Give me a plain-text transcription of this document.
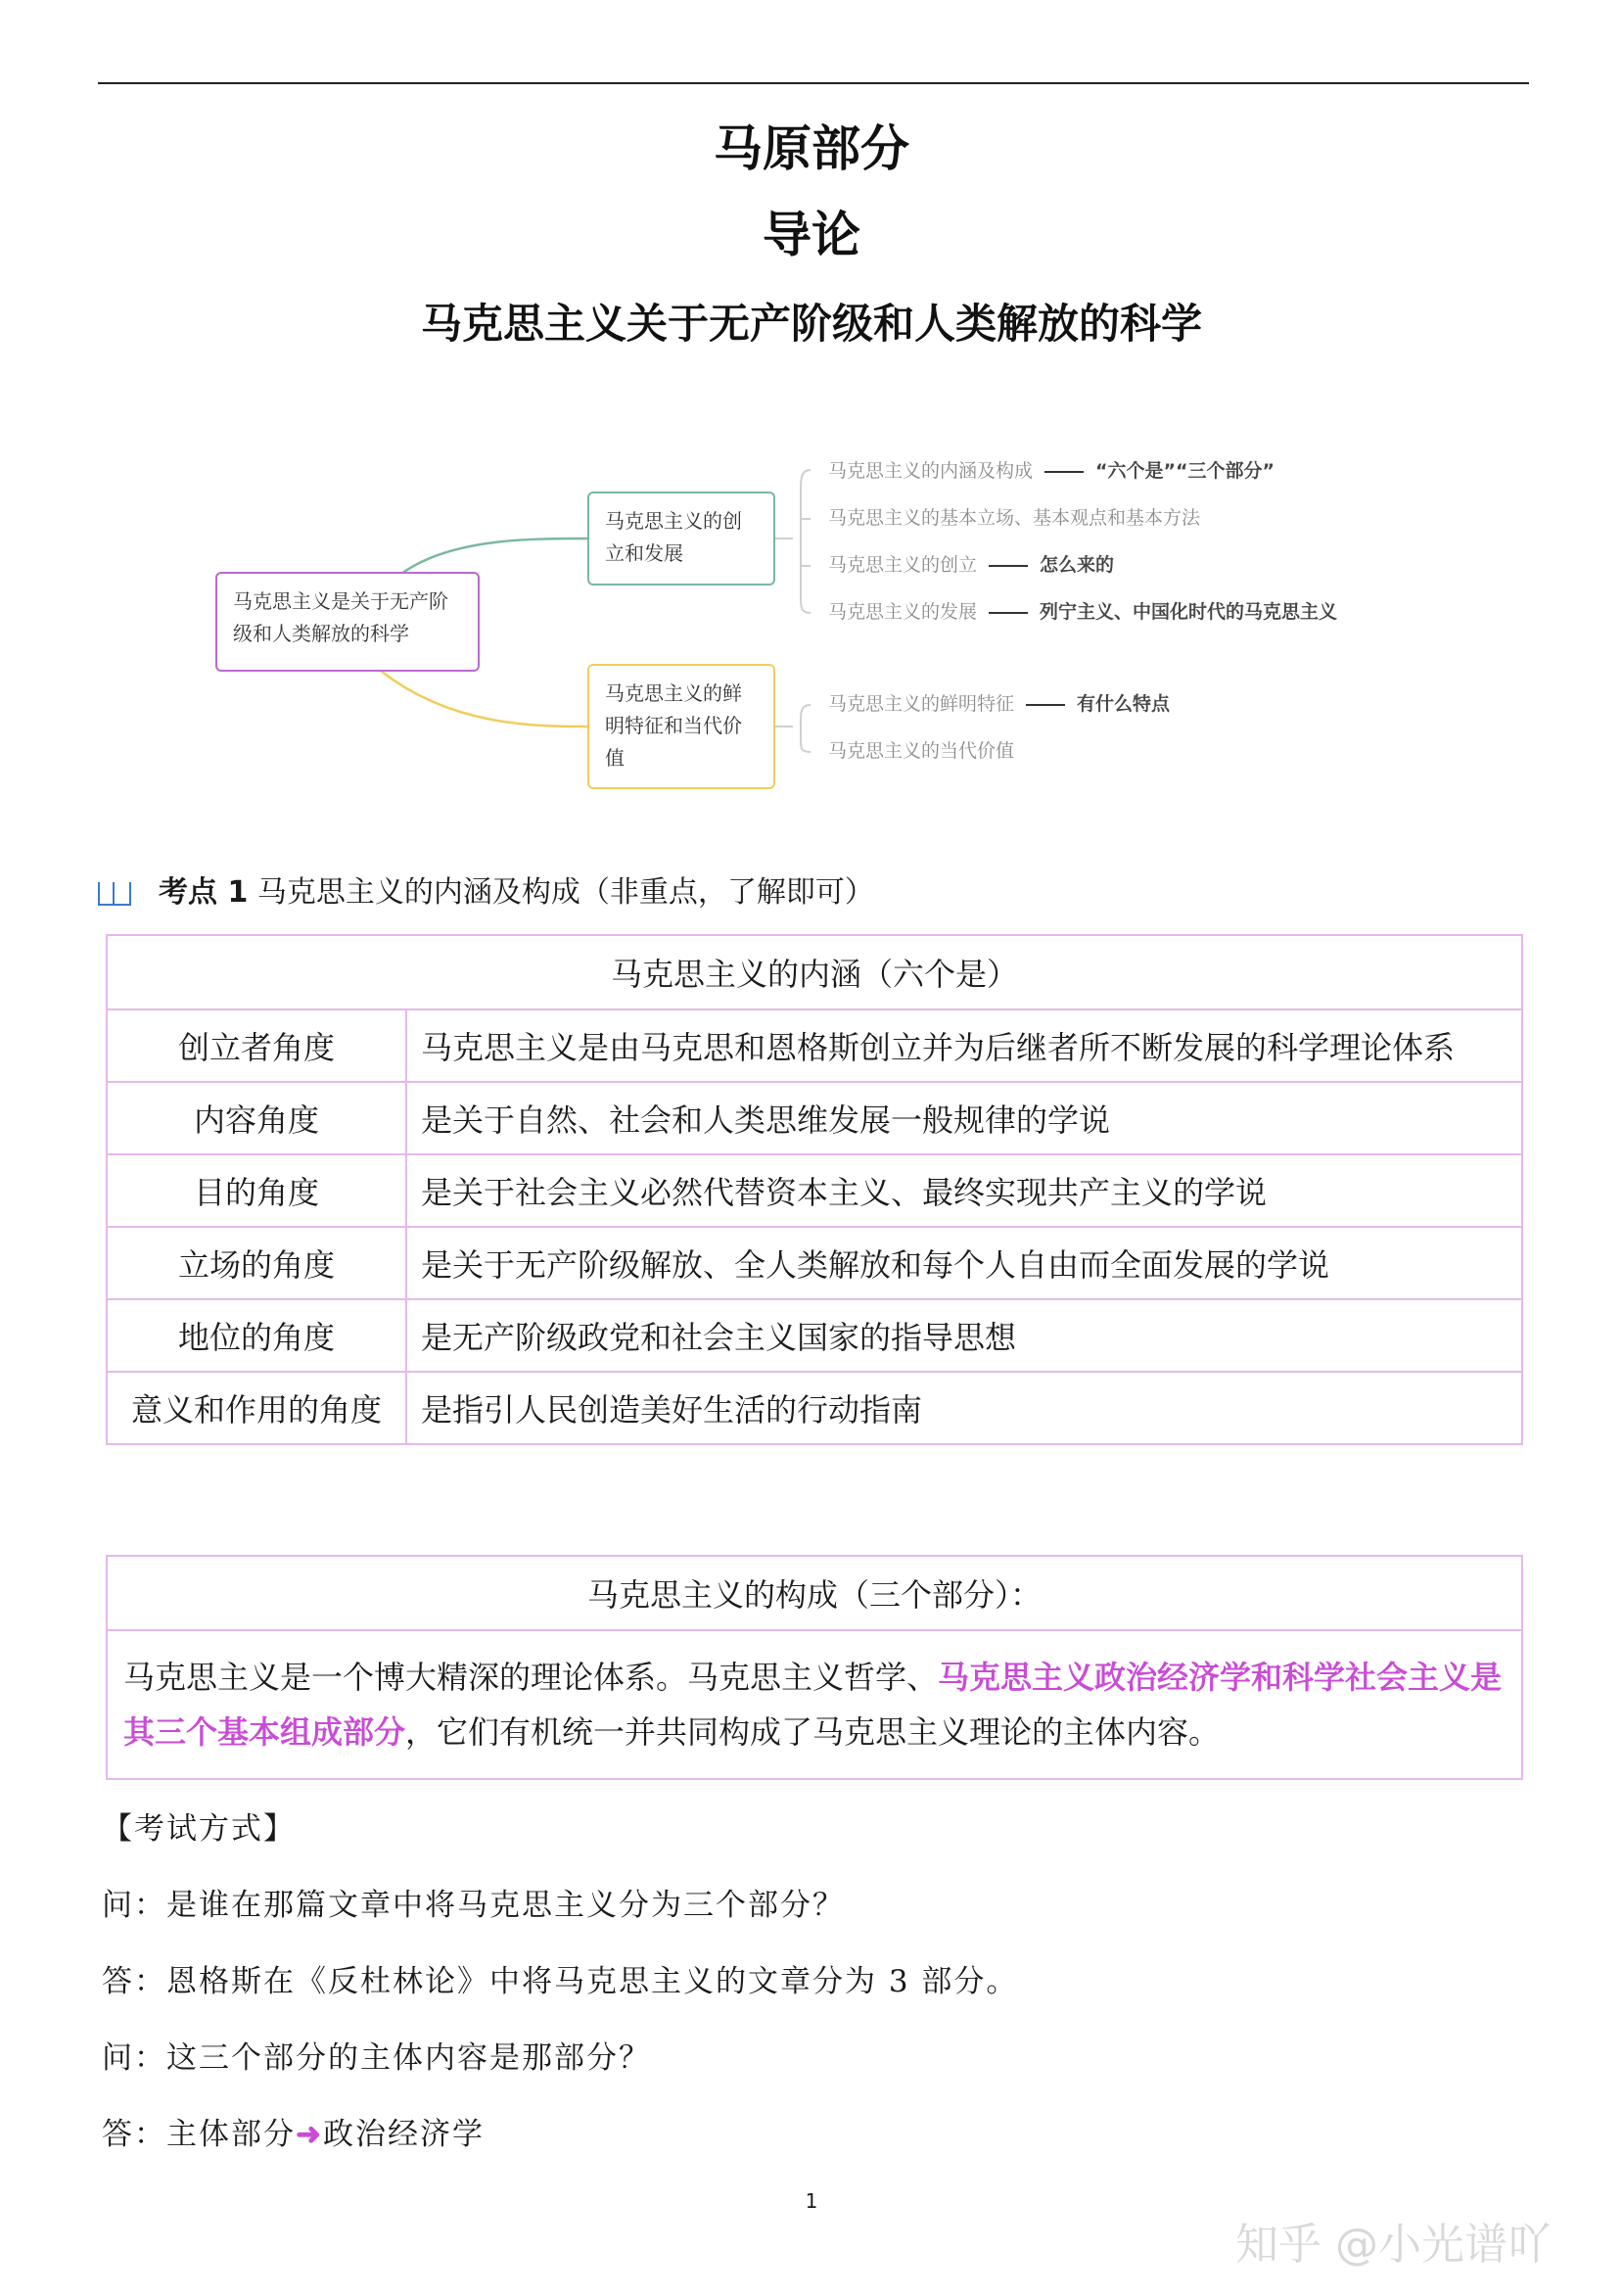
马原部分
导论
马克思主义关于无产阶级和人类解放的科学
马克思主义是关于无产阶级和人类解放的科学
马克思主义的创立和发展
马克思主义的鲜明特征和当代价值
马克思主义的内涵及构成	“六个是”“三个部分”
马克思主义的基本立场、基本观点和基本方法
马克思主义的创立	怎么来的
马克思主义的发展	列宁主义、中国化时代的马克思主义
马克思主义的鲜明特征	有什么特点
马克思主义的当代价值
考点 1 马克思主义的内涵及构成（非重点，了解即可）
马克思主义的内涵（六个是）	
创立者角度	马克思主义是由马克思和恩格斯创立并为后继者所不断发展的科学理论体系
内容角度	是关于自然、社会和人类思维发展一般规律的学说
目的角度	是关于社会主义必然代替资本主义、最终实现共产主义的学说
立场的角度	是关于无产阶级解放、全人类解放和每个人自由而全面发展的学说
地位的角度	是无产阶级政党和社会主义国家的指导思想
意义和作用的角度	是指引人民创造美好生活的行动指南
马克思主义的构成（三个部分）：
马克思主义是一个博大精深的理论体系。马克思主义哲学、马克思主义政治经济学和科学社会主义是其三个基本组成部分，它们有机统一并共同构成了马克思主义理论的主体内容。
【考试方式】
问：是谁在那篇文章中将马克思主义分为三个部分？
答：恩格斯在《反杜林论》中将马克思主义的文章分为 3 部分。
问：这三个部分的主体内容是那部分？
答：主体部分➜政治经济学
1
知乎 @小光谱吖
